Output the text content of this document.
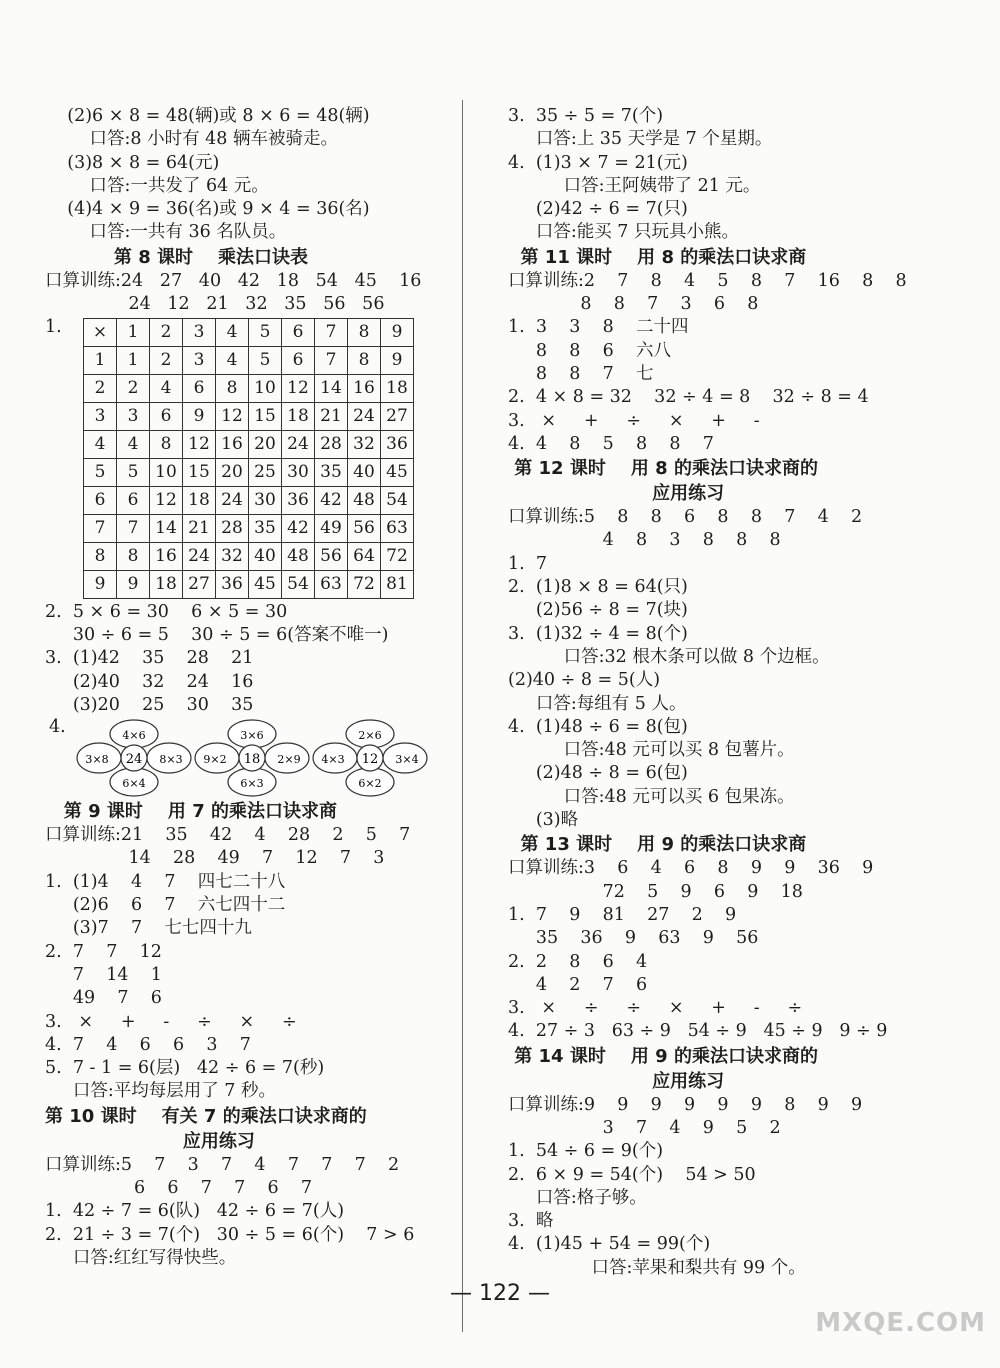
(2)6 × 8 = 48(辆)或 8 × 6 = 48(辆)
口答:8 小时有 48 辆车被骑走。
(3)8 × 8 = 64(元)
口答:一共发了 64 元。
(4)4 × 9 = 36(名)或 9 × 4 = 36(名)
口答:一共有 36 名队员。
第 8 课时    乘法口诀表
口算训练:24   27   40   42   18   54   45    16
24   12   21   32   35   56   56
1.	×	1	2	3	4	5	6	7	8	9
1	1	2	3	4	5	6	7	8	9
2	2	4	6	8	10	12	14	16	18
3	3	6	9	12	15	18	21	24	27
4	4	8	12	16	20	24	28	32	36
5	5	10	15	20	25	30	35	40	45
6	6	12	18	24	30	36	42	48	54
7	7	14	21	28	35	42	49	56	63
8	8	16	24	32	40	48	56	64	72
9	9	18	27	36	45	54	63	72	81
2.  5 × 6 = 30    6 × 5 = 30
30 ÷ 6 = 5    30 ÷ 5 = 6(答案不唯一)
3.  (1)42    35    28    21
(2)40    32    24    16
(3)20    25    30    35
4.	4×6
6×4
3×8	8×3
24
3×6
6×3
9×2	2×9
18
2×6
6×2
4×3	3×4
12
第 9 课时    用 7 的乘法口诀求商
口算训练:21    35    42    4    28    2    5    7
14    28    49    7    12    7    3
1.  (1)4    4    7    四七二十八
(2)6    6    7    六七四十二
(3)7    7    七七四十九
2.  7    7    12
7    14    1
49    7    6
3.   ×     +     -     ÷     ×     ÷
4.  7    4    6    6    3    7
5.  7 - 1 = 6(层)   42 ÷ 6 = 7(秒)
口答:平均每层用了 7 秒。
第 10 课时    有关 7 的乘法口诀求商的
应用练习
口算训练:5    7    3    7    4    7    7    7    2
6    6    7    7    6    7
1.  42 ÷ 7 = 6(队)   42 ÷ 6 = 7(人)
2.  21 ÷ 3 = 7(个)   30 ÷ 5 = 6(个)    7 > 6
口答:红红写得快些。
3.  35 ÷ 5 = 7(个)
口答:上 35 天学是 7 个星期。
4.  (1)3 × 7 = 21(元)
口答:王阿姨带了 21 元。
(2)42 ÷ 6 = 7(只)
口答:能买 7 只玩具小熊。
第 11 课时    用 8 的乘法口诀求商
口算训练:2    7    8    4    5    8    7    16    8    8
8    8    7    3    6    8
1.  3    3    8    二十四
8    8    6    六八
8    8    7    七
2.  4 × 8 = 32    32 ÷ 4 = 8    32 ÷ 8 = 4
3.   ×     +     ÷     ×     +     -
4.  4    8    5    8    8    7
第 12 课时    用 8 的乘法口诀求商的
应用练习
口算训练:5    8    8    6    8    8    7    4    2
4    8    3    8    8    8
1.  7
2.  (1)8 × 8 = 64(只)
(2)56 ÷ 8 = 7(块)
3.  (1)32 ÷ 4 = 8(个)
口答:32 根木条可以做 8 个边框。
(2)40 ÷ 8 = 5(人)
口答:每组有 5 人。
4.  (1)48 ÷ 6 = 8(包)
口答:48 元可以买 8 包薯片。
(2)48 ÷ 8 = 6(包)
口答:48 元可以买 6 包果冻。
(3)略
第 13 课时    用 9 的乘法口诀求商
口算训练:3    6    4    6    8    9    9    36    9
72    5    9    6    9    18
1.  7    9    81    27    2    9
35    36    9    63    9    56
2.  2    8    6    4
4    2    7    6
3.   ×     ÷     ÷     ×     +     -     ÷
4.  27 ÷ 3   63 ÷ 9   54 ÷ 9   45 ÷ 9   9 ÷ 9
第 14 课时    用 9 的乘法口诀求商的
应用练习
口算训练:9    9    9    9    9    9    8    9    9
3    7    4    9    5    2
1.  54 ÷ 6 = 9(个)
2.  6 × 9 = 54(个)    54 > 50
口答:格子够。
3.  略
4.  (1)45 + 54 = 99(个)
口答:苹果和梨共有 99 个。
— 122 —
MXQE.COM
